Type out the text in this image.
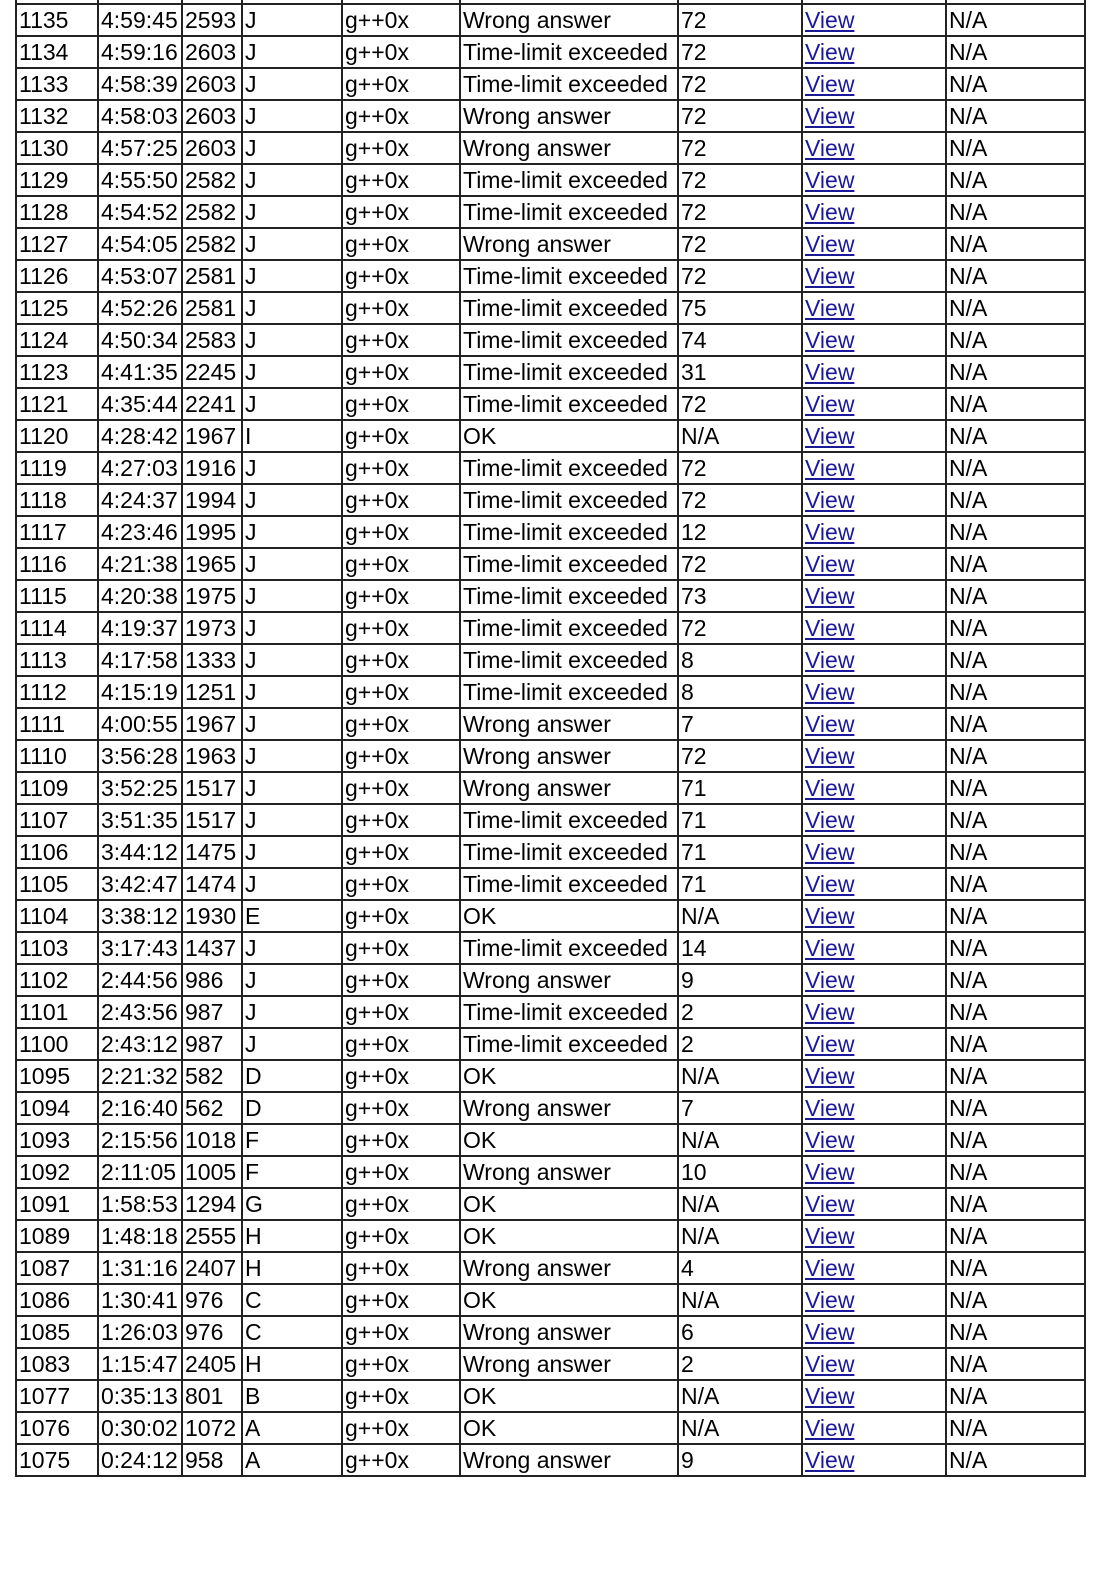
1135	4:59:45	2593	J	g++0x	Wrong answer	72	View	N/A
1134	4:59:16	2603	J	g++0x	Time-limit exceeded	72	View	N/A
1133	4:58:39	2603	J	g++0x	Time-limit exceeded	72	View	N/A
1132	4:58:03	2603	J	g++0x	Wrong answer	72	View	N/A
1130	4:57:25	2603	J	g++0x	Wrong answer	72	View	N/A
1129	4:55:50	2582	J	g++0x	Time-limit exceeded	72	View	N/A
1128	4:54:52	2582	J	g++0x	Time-limit exceeded	72	View	N/A
1127	4:54:05	2582	J	g++0x	Wrong answer	72	View	N/A
1126	4:53:07	2581	J	g++0x	Time-limit exceeded	72	View	N/A
1125	4:52:26	2581	J	g++0x	Time-limit exceeded	75	View	N/A
1124	4:50:34	2583	J	g++0x	Time-limit exceeded	74	View	N/A
1123	4:41:35	2245	J	g++0x	Time-limit exceeded	31	View	N/A
1121	4:35:44	2241	J	g++0x	Time-limit exceeded	72	View	N/A
1120	4:28:42	1967	I	g++0x	OK	N/A	View	N/A
1119	4:27:03	1916	J	g++0x	Time-limit exceeded	72	View	N/A
1118	4:24:37	1994	J	g++0x	Time-limit exceeded	72	View	N/A
1117	4:23:46	1995	J	g++0x	Time-limit exceeded	12	View	N/A
1116	4:21:38	1965	J	g++0x	Time-limit exceeded	72	View	N/A
1115	4:20:38	1975	J	g++0x	Time-limit exceeded	73	View	N/A
1114	4:19:37	1973	J	g++0x	Time-limit exceeded	72	View	N/A
1113	4:17:58	1333	J	g++0x	Time-limit exceeded	8	View	N/A
1112	4:15:19	1251	J	g++0x	Time-limit exceeded	8	View	N/A
1111	4:00:55	1967	J	g++0x	Wrong answer	7	View	N/A
1110	3:56:28	1963	J	g++0x	Wrong answer	72	View	N/A
1109	3:52:25	1517	J	g++0x	Wrong answer	71	View	N/A
1107	3:51:35	1517	J	g++0x	Time-limit exceeded	71	View	N/A
1106	3:44:12	1475	J	g++0x	Time-limit exceeded	71	View	N/A
1105	3:42:47	1474	J	g++0x	Time-limit exceeded	71	View	N/A
1104	3:38:12	1930	E	g++0x	OK	N/A	View	N/A
1103	3:17:43	1437	J	g++0x	Time-limit exceeded	14	View	N/A
1102	2:44:56	986	J	g++0x	Wrong answer	9	View	N/A
1101	2:43:56	987	J	g++0x	Time-limit exceeded	2	View	N/A
1100	2:43:12	987	J	g++0x	Time-limit exceeded	2	View	N/A
1095	2:21:32	582	D	g++0x	OK	N/A	View	N/A
1094	2:16:40	562	D	g++0x	Wrong answer	7	View	N/A
1093	2:15:56	1018	F	g++0x	OK	N/A	View	N/A
1092	2:11:05	1005	F	g++0x	Wrong answer	10	View	N/A
1091	1:58:53	1294	G	g++0x	OK	N/A	View	N/A
1089	1:48:18	2555	H	g++0x	OK	N/A	View	N/A
1087	1:31:16	2407	H	g++0x	Wrong answer	4	View	N/A
1086	1:30:41	976	C	g++0x	OK	N/A	View	N/A
1085	1:26:03	976	C	g++0x	Wrong answer	6	View	N/A
1083	1:15:47	2405	H	g++0x	Wrong answer	2	View	N/A
1077	0:35:13	801	B	g++0x	OK	N/A	View	N/A
1076	0:30:02	1072	A	g++0x	OK	N/A	View	N/A
1075	0:24:12	958	A	g++0x	Wrong answer	9	View	N/A
